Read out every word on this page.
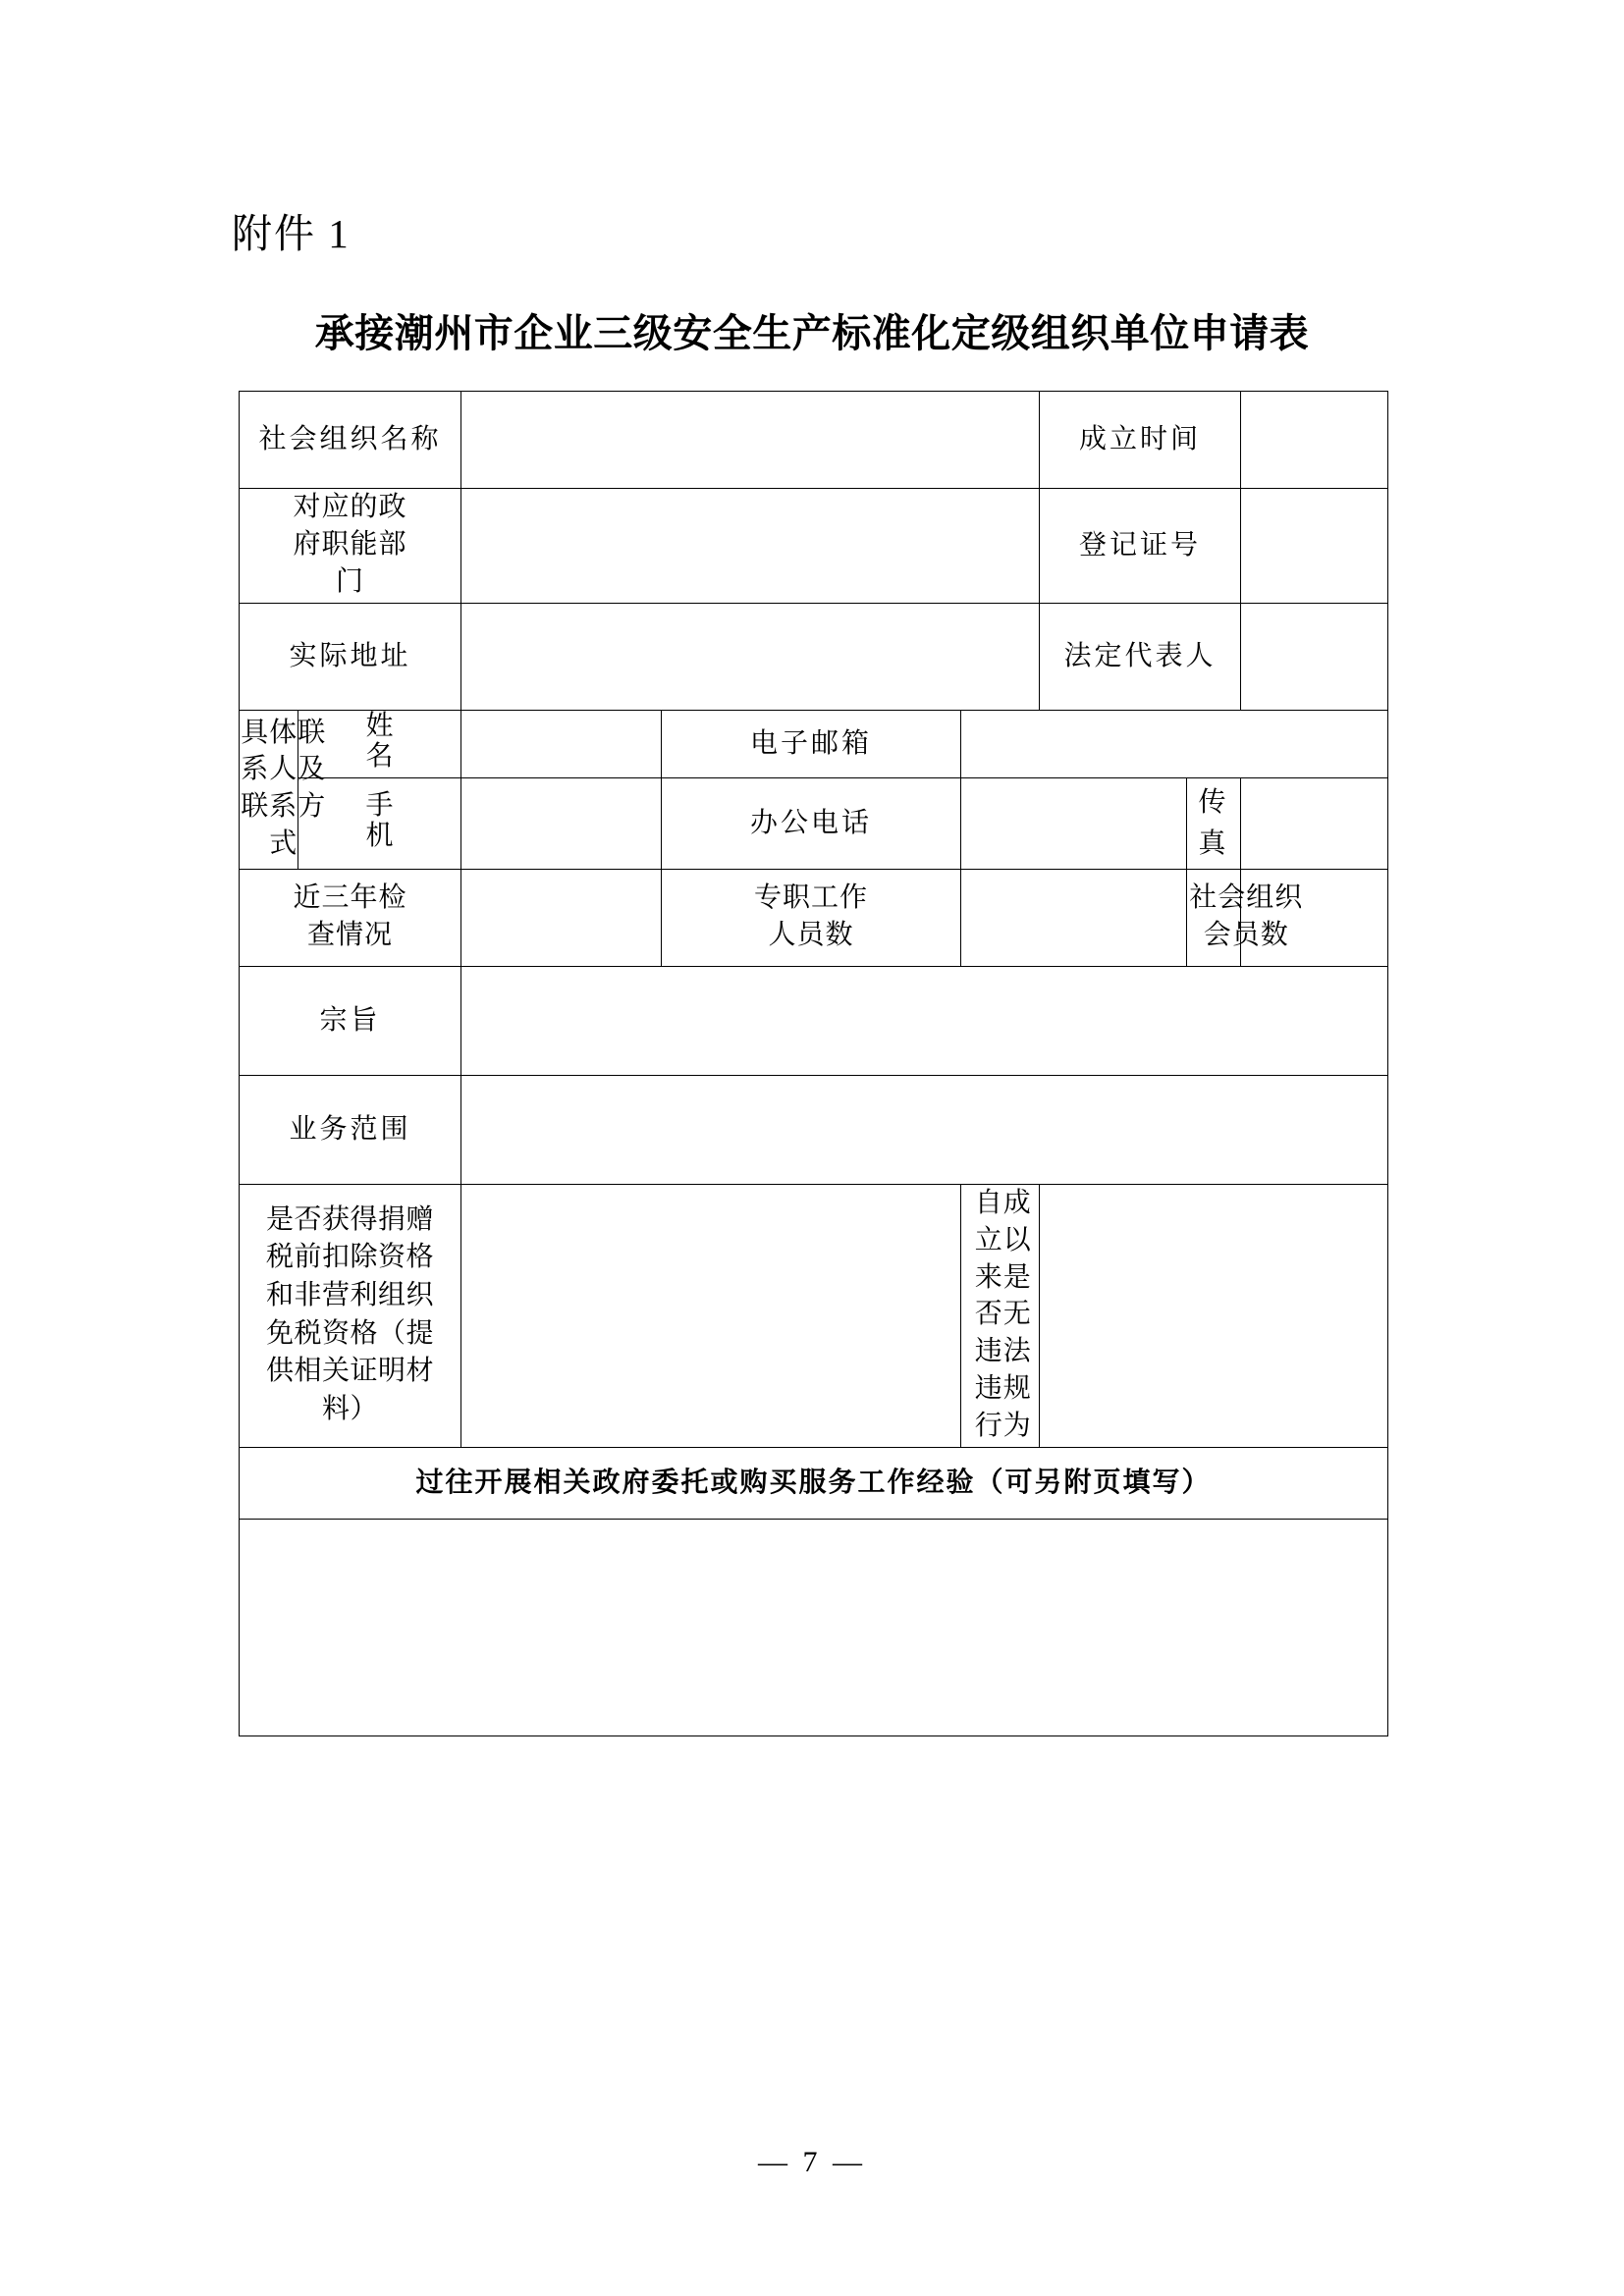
附件 1
承接潮州市企业三级安全生产标准化定级组织单位申请表
社会组织名称					成立时间		
对应的政府职能部门					登记证号		
实际地址					法定代表人		
具体联系人及联系方式	姓名		电子邮箱				
	手机		办公电话			传真	
近三年检查情况			专职工作人员数			社会组织会员数	
宗旨							
业务范围							
是否获得捐赠税前扣除资格和非营利组织免税资格（提供相关证明材料）				自成立以来是否无违法违规行为			
过往开展相关政府委托或购买服务工作经验（可另附页填写）							

— 7 —
